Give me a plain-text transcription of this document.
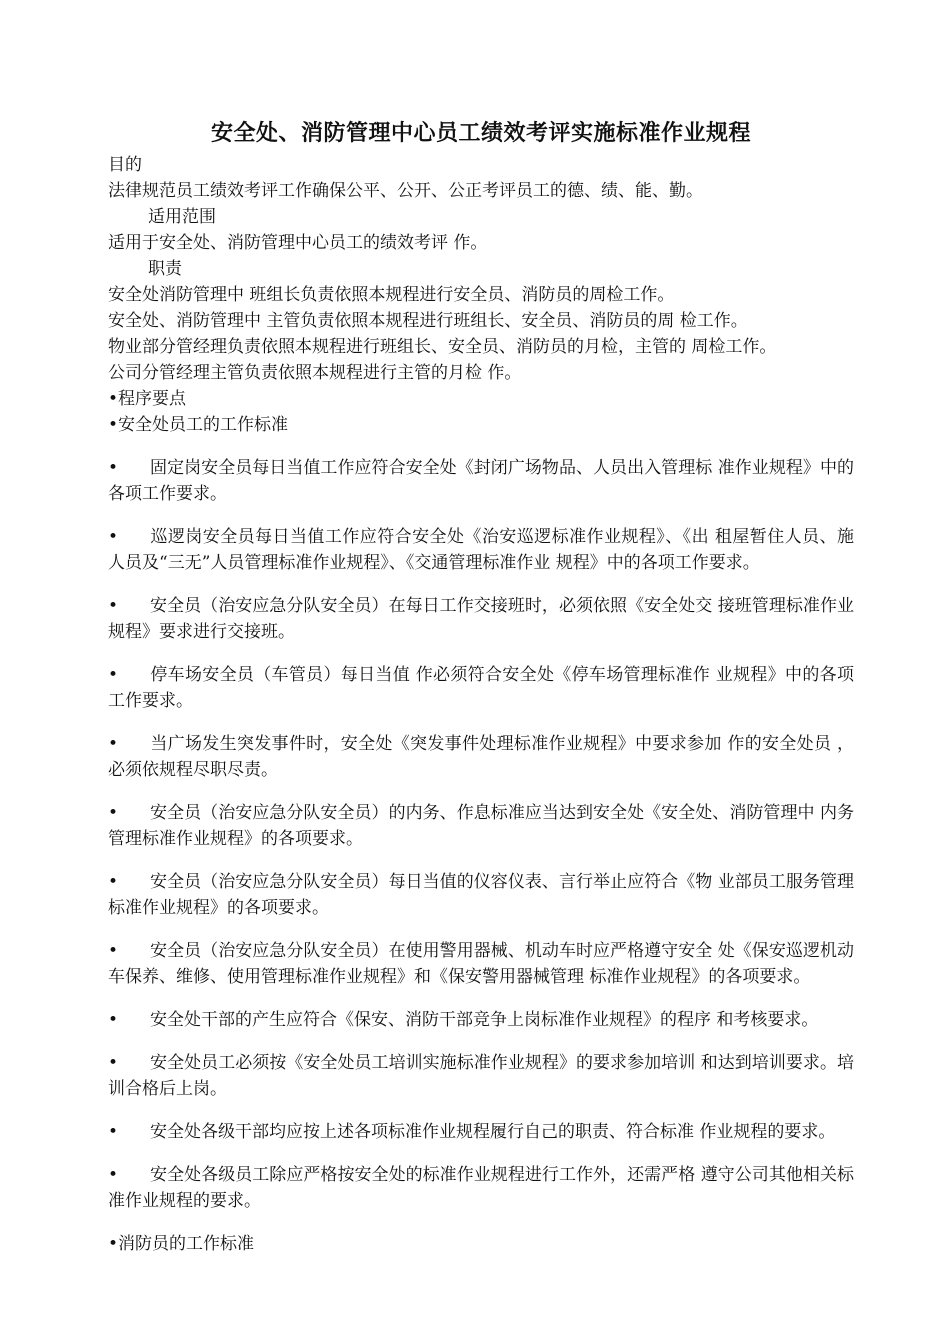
安全处、消防管理中心员工绩效考评实施标准作业规程

目的

法律规范员工绩效考评工作确保公平、公开、公正考评员工的德、绩、能、勤。

适用范围

适用于安全处、消防管理中心员工的绩效考评 作。

职责

安全处消防管理中 班组长负责依照本规程进行安全员、消防员的周检工作。

安全处、消防管理中 主管负责依照本规程进行班组长、安全员、消防员的周 检工作。

物业部分管经理负责依照本规程进行班组长、安全员、消防员的月检，主管的 周检工作。

公司分管经理主管负责依照本规程进行主管的月检 作。

•程序要点

•安全处员工的工作标准

• 固定岗安全员每日当值工作应符合安全处《封闭广场物品、人员出入管理标 准作业规程》中的各项工作要求。

• 巡逻岗安全员每日当值工作应符合安全处《治安巡逻标准作业规程》、《出 租屋暂住人员、施 人员及“三无”人员管理标准作业规程》、《交通管理标准作业 规程》中的各项工作要求。

• 安全员（治安应急分队安全员）在每日工作交接班时，必须依照《安全处交 接班管理标准作业规程》要求进行交接班。

• 停车场安全员（车管员）每日当值 作必须符合安全处《停车场管理标准作 业规程》中的各项工作要求。

• 当广场发生突发事件时，安全处《突发事件处理标准作业规程》中要求参加 作的安全处员 ，必须依规程尽职尽责。

• 安全员（治安应急分队安全员）的内务、作息标准应当达到安全处《安全处、消防管理中 内务管理标准作业规程》的各项要求。

• 安全员（治安应急分队安全员）每日当值的仪容仪表、言行举止应符合《物 业部员工服务管理标准作业规程》的各项要求。

• 安全员（治安应急分队安全员）在使用警用器械、机动车时应严格遵守安全 处《保安巡逻机动车保养、维修、使用管理标准作业规程》和《保安警用器械管理 标准作业规程》的各项要求。

• 安全处干部的产生应符合《保安、消防干部竞争上岗标准作业规程》的程序 和考核要求。

• 安全处员工必须按《安全处员工培训实施标准作业规程》的要求参加培训 和达到培训要求。培训合格后上岗。

• 安全处各级干部均应按上述各项标准作业规程履行自己的职责、符合标准 作业规程的要求。

• 安全处各级员工除应严格按安全处的标准作业规程进行工作外，还需严格 遵守公司其他相关标准作业规程的要求。

•消防员的工作标准
